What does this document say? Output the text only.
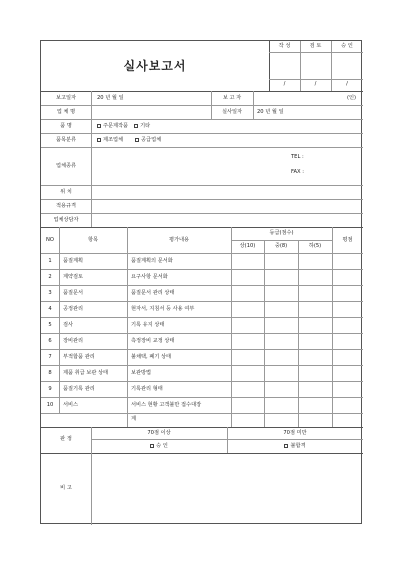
실사보고서
작 성	검 토	승 인
/	/	/
보고일자	20 년 월 일	보 고 자	(인)
업 체 명	실사일자	20 년 월 일
품 명	주문제작품 기타
품목분류	제조업체	공급업체
업체종류
TEL :
FAX :
위 치
적용규격
업체상담자
NO	항목	평가내용
등급(점수)
상(10)	중(8)	하(5)
평점
1	품질계획	품질계획의 문서화
2	계약검토	요구사항 문서화
3	품질문서	품질문서 관리 상태
4	공정관리	현자서, 지침서 등 사용 여부
5	검사	기록 유지 상태
6	장비관리	측정장비 교정 상태
7	부적합품 관리	불채택, 폐기 상태
8	제품 취급 보관 상태	보관방법
9	품질기록 관리	기록관리 형태
10	서비스	서비스 현황 고객불만 접수대장
계
판 정
70점 이상	70점 미만
승 인	불합격
비 고
